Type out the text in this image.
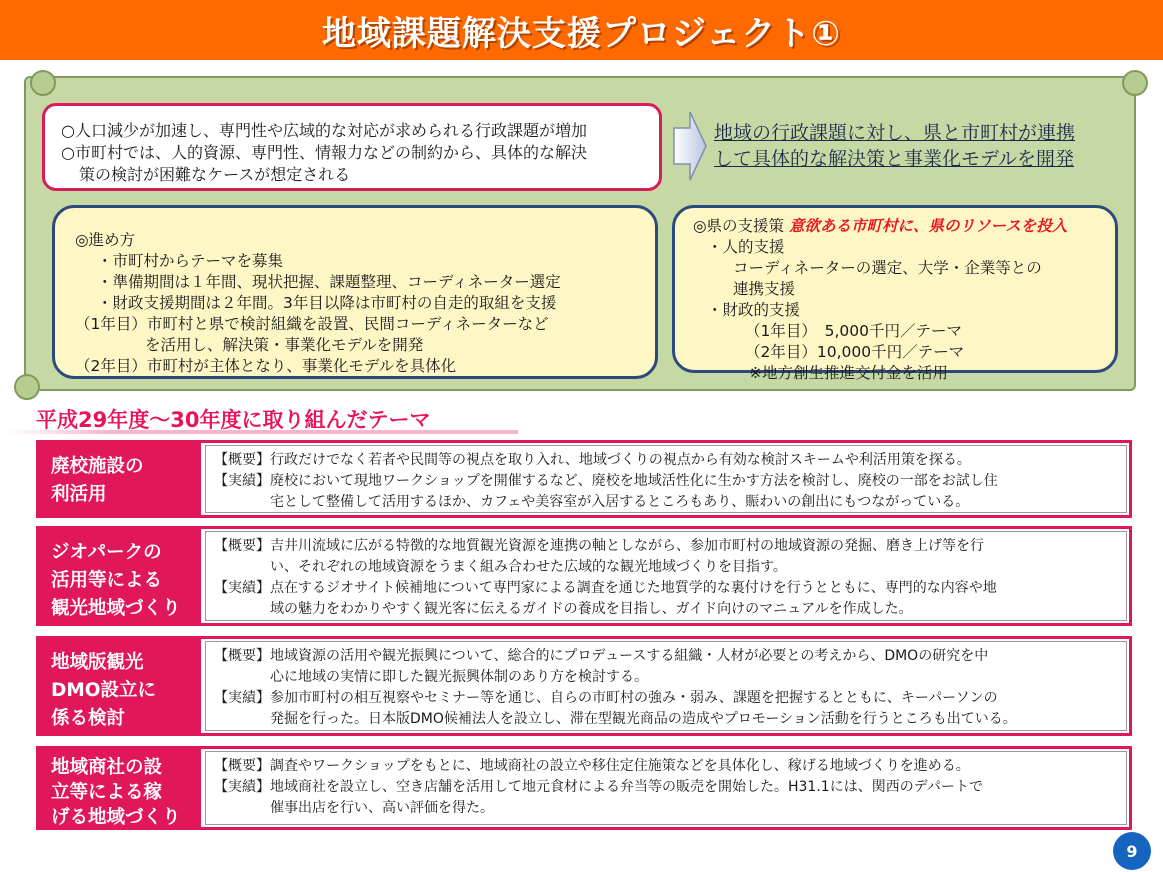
地域課題解決支援プロジェクト①
○人口減少が加速し、専門性や広域的な対応が求められる行政課題が増加
○市町村では、人的資源、専門性、情報力などの制約から、具体的な解決
策の検討が困難なケースが想定される
地域の行政課題に対し、県と市町村が連携
して具体的な解決策と事業化モデルを開発
◎進め方
・市町村からテーマを募集
・準備期間は１年間、現状把握、課題整理、コーディネーター選定
・財政支援期間は２年間。3年目以降は市町村の自走的取組を支援
（1年目）市町村と県で検討組織を設置、民間コーディネーターなど
を活用し、解決策・事業化モデルを開発
（2年目）市町村が主体となり、事業化モデルを具体化
◎県の支援策 意欲ある市町村に、県のリソースを投入
・人的支援
コーディネーターの選定、大学・企業等との
連携支援
・財政的支援
（1年目）　5,000千円／テーマ
（2年目）10,000千円／テーマ
※地方創生推進交付金を活用
平成29年度～30年度に取り組んだテーマ
廃校施設の
利活用
【概要】行政だけでなく若者や民間等の視点を取り入れ、地域づくりの視点から有効な検討スキームや利活用策を探る。
【実績】廃校において現地ワークショップを開催するなど、廃校を地域活性化に生かす方法を検討し、廃校の一部をお試し住
宅として整備して活用するほか、カフェや美容室が入居するところもあり、賑わいの創出にもつながっている。
ジオパークの
活用等による
観光地域づくり
【概要】吉井川流域に広がる特徴的な地質観光資源を連携の軸としながら、参加市町村の地域資源の発掘、磨き上げ等を行
い、それぞれの地域資源をうまく組み合わせた広域的な観光地域づくりを目指す。
【実績】点在するジオサイト候補地について専門家による調査を通じた地質学的な裏付けを行うとともに、専門的な内容や地
域の魅力をわかりやすく観光客に伝えるガイドの養成を目指し、ガイド向けのマニュアルを作成した。
地域版観光
DMO設立に
係る検討
【概要】地域資源の活用や観光振興について、総合的にプロデュースする組織・人材が必要との考えから、DMOの研究を中
心に地域の実情に即した観光振興体制のあり方を検討する。
【実績】参加市町村の相互視察やセミナー等を通じ、自らの市町村の強み・弱み、課題を把握するとともに、キーパーソンの
発掘を行った。日本版DMO候補法人を設立し、滞在型観光商品の造成やプロモーション活動を行うところも出ている。
地域商社の設
立等による稼
げる地域づくり
【概要】調査やワークショップをもとに、地域商社の設立や移住定住施策などを具体化し、稼げる地域づくりを進める。
【実績】地域商社を設立し、空き店舗を活用して地元食材による弁当等の販売を開始した。H31.1には、関西のデパートで
催事出店を行い、高い評価を得た。
9
